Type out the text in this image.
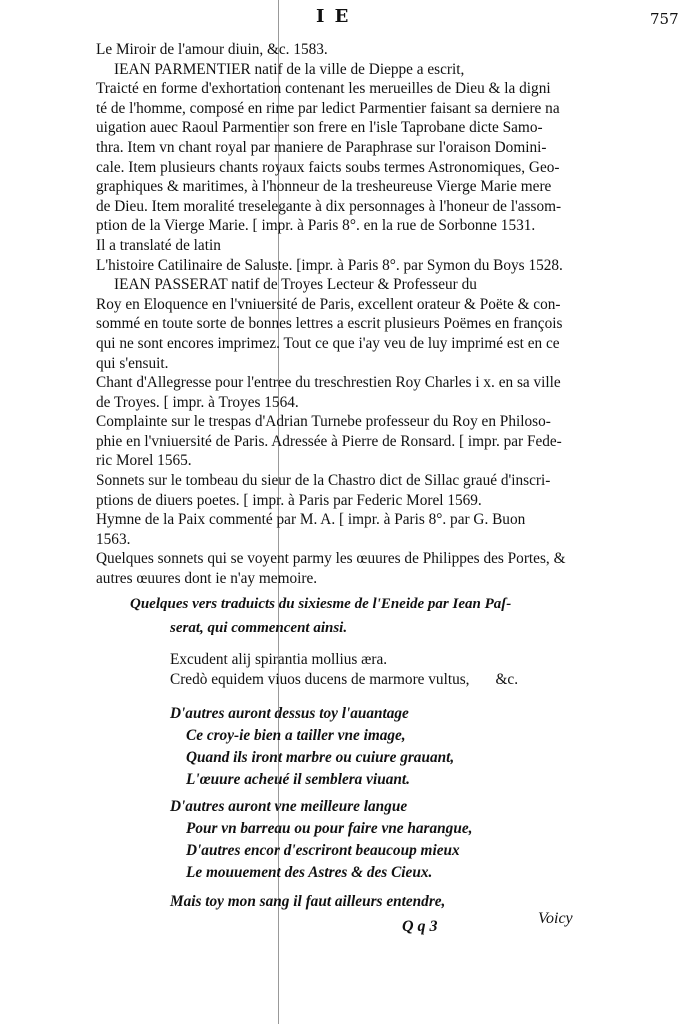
I E	757
Le Miroir de l'amour diuin, &c. 1583.
IEAN PARMENTIER natif de la ville de Dieppe a escrit,
Traicté en forme d'exhortation contenant les merueilles de Dieu & la digni
té de l'homme, composé en rime par ledict Parmentier faisant sa derniere na
uigation auec Raoul Parmentier son frere en l'isle Taprobane dicte Samo-
thra. Item vn chant royal par maniere de Paraphrase sur l'oraison Domini-
cale. Item plusieurs chants royaux faicts soubs termes Astronomiques, Geo-
graphiques & maritimes, à l'honneur de la tresheureuse Vierge Marie mere
de Dieu. Item moralité treselegante à dix personnages à l'honeur de l'assom-
ption de la Vierge Marie. [ impr. à Paris 8°. en la rue de Sorbonne 1531.
Il a translaté de latin
L'histoire Catilinaire de Saluste. [impr. à Paris 8°. par Symon du Boys 1528.
IEAN PASSERAT natif de Troyes Lecteur & Professeur du
Roy en Eloquence en l'vniuersité de Paris, excellent orateur & Poëte & con-
sommé en toute sorte de bonnes lettres a escrit plusieurs Poëmes en françois
qui ne sont encores imprimez. Tout ce que i'ay veu de luy imprimé est en ce
qui s'ensuit.
Chant d'Allegresse pour l'entree du treschrestien Roy Charles i x. en sa ville
de Troyes. [ impr. à Troyes 1564.
Complainte sur le trespas d'Adrian Turnebe professeur du Roy en Philoso-
phie en l'vniuersité de Paris. Adressée à Pierre de Ronsard. [ impr. par Fede-
ric Morel 1565.
Sonnets sur le tombeau du sieur de la Chastro dict de Sillac graué d'inscri-
ptions de diuers poetes. [ impr. à Paris par Federic Morel 1569.
Hymne de la Paix commenté par M. A. [ impr. à Paris 8°. par G. Buon
1563.
Quelques sonnets qui se voyent parmy les œuures de Philippes des Portes, &
autres œuures dont ie n'ay memoire.
Quelques vers traduicts du sixiesme de l'Eneide par Iean Paſ-
serat, qui commencent ainsi.
Excudent alij spirantia mollius æra.
Credò equidem viuos ducens de marmore vultus, &c.
D'autres auront dessus toy l'auantage
Ce croy-ie bien a tailler vne image,
Quand ils iront marbre ou cuiure grauant,
L'œuure acheué il semblera viuant.
D'autres auront vne meilleure langue
Pour vn barreau ou pour faire vne harangue,
D'autres encor d'escriront beaucoup mieux
Le mouuement des Astres & des Cieux.
Mais toy mon sang il faut ailleurs entendre,
Q q 3	Voicy
